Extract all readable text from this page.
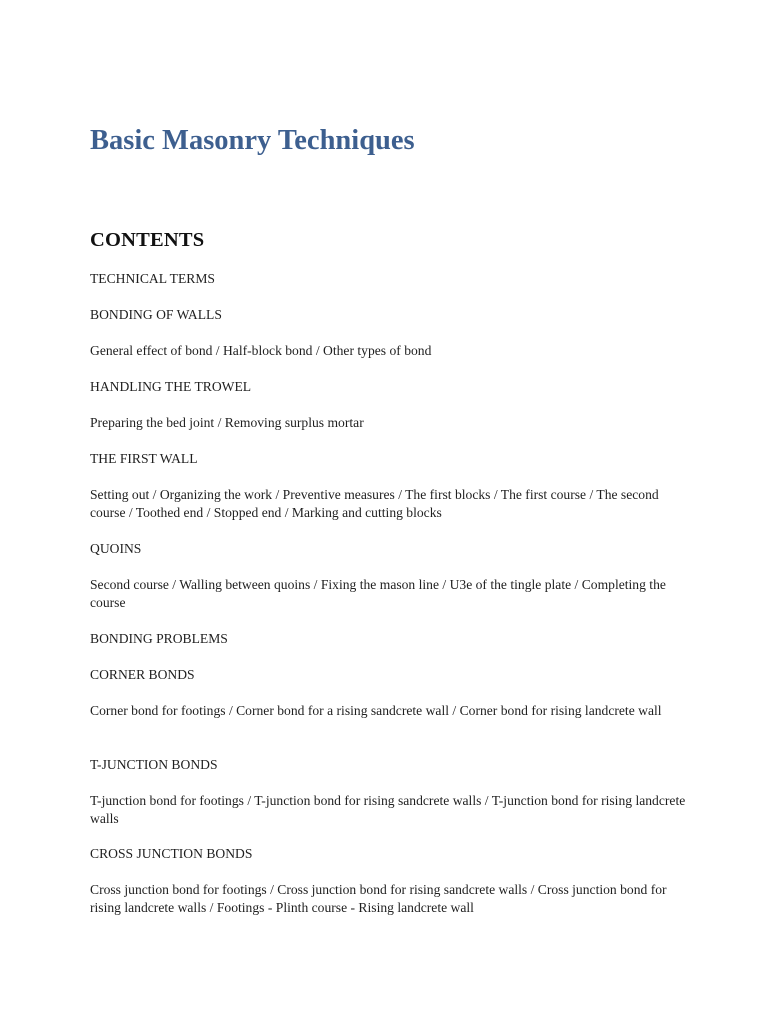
Basic Masonry Techniques
CONTENTS

TECHNICAL TERMS

BONDING OF WALLS

General effect of bond / Half-block bond / Other types of bond

HANDLING THE TROWEL

Preparing the bed joint / Removing surplus mortar

THE FIRST WALL

Setting out / Organizing the work / Preventive measures / The first blocks / The first course / The second course / Toothed end / Stopped end / Marking and cutting blocks

QUOINS

Second course / Walling between quoins / Fixing the mason line / U3e of the tingle plate / Completing the course

BONDING PROBLEMS

CORNER BONDS

Corner bond for footings / Corner bond for a rising sandcrete wall / Corner bond for rising landcrete wall

T-JUNCTION BONDS

T-junction bond for footings / T-junction bond for rising sandcrete walls / T-junction bond for rising landcrete walls

CROSS JUNCTION BONDS

Cross junction bond for footings / Cross junction bond for rising sandcrete walls / Cross junction bond for rising landcrete walls / Footings - Plinth course - Rising landcrete wall
